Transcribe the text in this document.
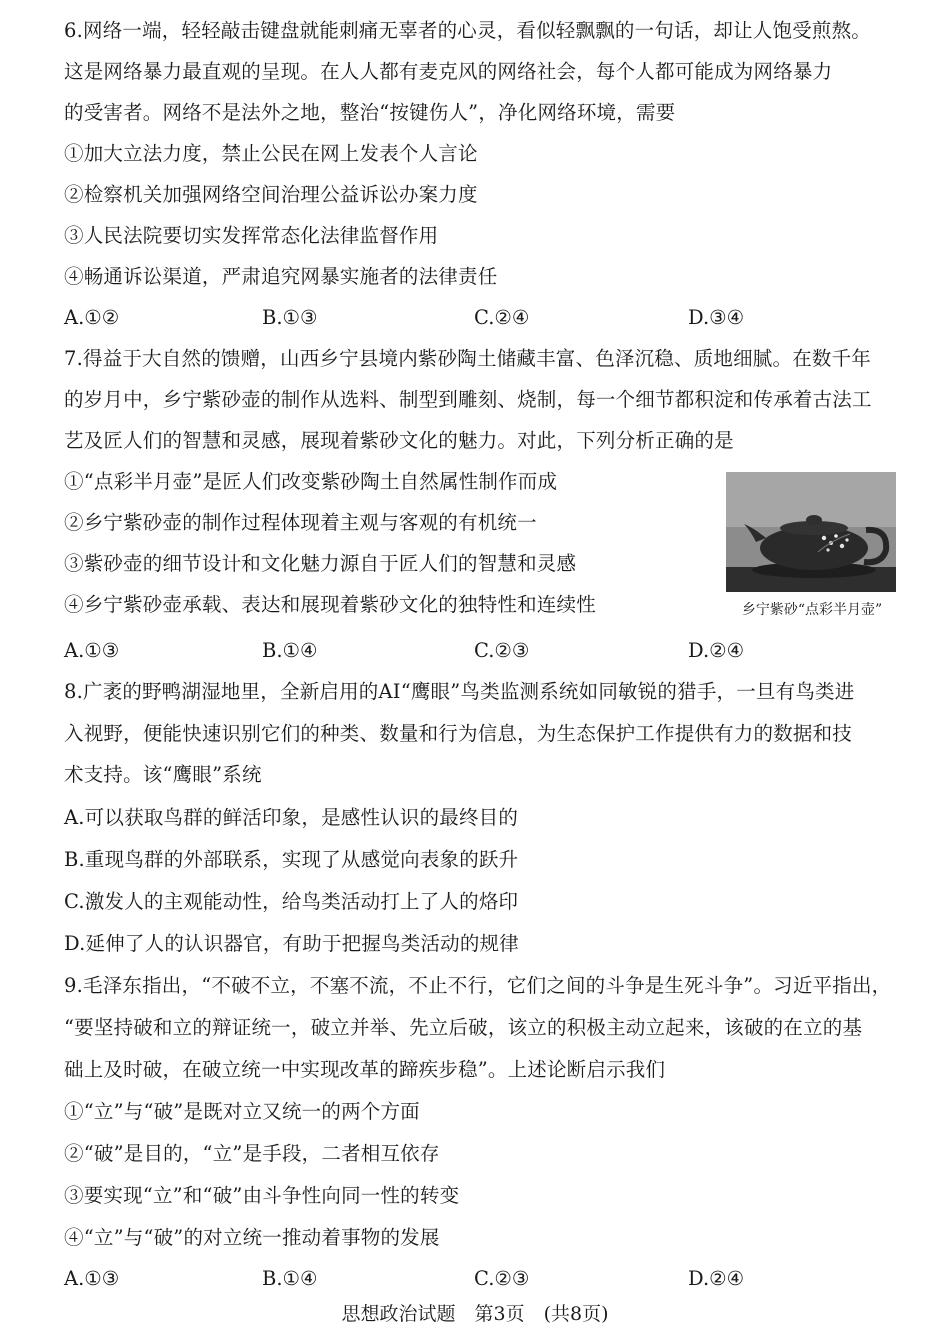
6.网络一端，轻轻敲击键盘就能刺痛无辜者的心灵，看似轻飘飘的一句话，却让人饱受煎熬。
这是网络暴力最直观的呈现。在人人都有麦克风的网络社会，每个人都可能成为网络暴力
的受害者。网络不是法外之地，整治“按键伤人”，净化网络环境，需要
①加大立法力度，禁止公民在网上发表个人言论
②检察机关加强网络空间治理公益诉讼办案力度
③人民法院要切实发挥常态化法律监督作用
④畅通诉讼渠道，严肃追究网暴实施者的法律责任
A.①②	B.①③	C.②④	D.③④
7.得益于大自然的馈赠，山西乡宁县境内紫砂陶土储藏丰富、色泽沉稳、质地细腻。在数千年
的岁月中，乡宁紫砂壶的制作从选料、制型到雕刻、烧制，每一个细节都积淀和传承着古法工
艺及匠人们的智慧和灵感，展现着紫砂文化的魅力。对此，下列分析正确的是
①“点彩半月壶”是匠人们改变紫砂陶土自然属性制作而成
②乡宁紫砂壶的制作过程体现着主观与客观的有机统一
③紫砂壶的细节设计和文化魅力源自于匠人们的智慧和灵感
④乡宁紫砂壶承载、表达和展现着紫砂文化的独特性和连续性	乡宁紫砂“点彩半月壶”
A.①③	B.①④	C.②③	D.②④
8.广袤的野鸭湖湿地里，全新启用的AI“鹰眼”鸟类监测系统如同敏锐的猎手，一旦有鸟类进
入视野，便能快速识别它们的种类、数量和行为信息，为生态保护工作提供有力的数据和技
术支持。该“鹰眼”系统
A.可以获取鸟群的鲜活印象，是感性认识的最终目的
B.重现鸟群的外部联系，实现了从感觉向表象的跃升
C.激发人的主观能动性，给鸟类活动打上了人的烙印
D.延伸了人的认识器官，有助于把握鸟类活动的规律
9.毛泽东指出，“不破不立，不塞不流，不止不行，它们之间的斗争是生死斗争”。习近平指出，
“要坚持破和立的辩证统一，破立并举、先立后破，该立的积极主动立起来，该破的在立的基
础上及时破，在破立统一中实现改革的蹄疾步稳”。上述论断启示我们
①“立”与“破”是既对立又统一的两个方面
②“破”是目的，“立”是手段，二者相互依存
③要实现“立”和“破”由斗争性向同一性的转变
④“立”与“破”的对立统一推动着事物的发展
A.①③	B.①④	C.②③	D.②④
思想政治试题　第3页　(共8页)
